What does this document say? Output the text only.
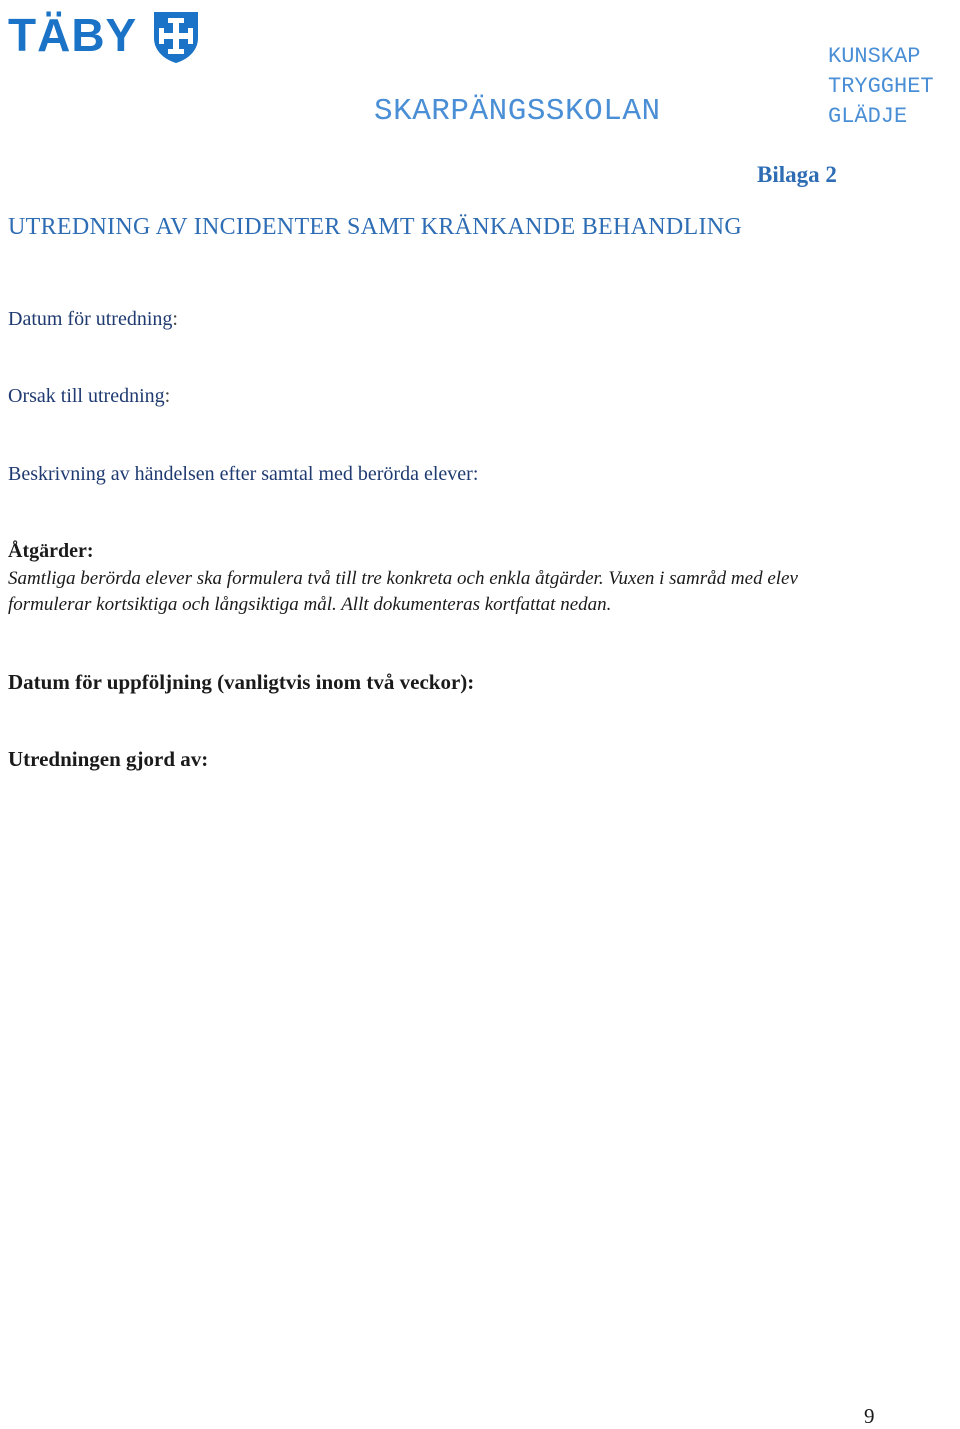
TÄBY
SKARPÄNGSSKOLAN
KUNSKAP
TRYGGHET
GLÄDJE
Bilaga 2
UTREDNING AV INCIDENTER SAMT KRÄNKANDE BEHANDLING
Datum för utredning:
Orsak till utredning:
Beskrivning av händelsen efter samtal med berörda elever:
Åtgärder:
Samtliga berörda elever ska formulera två till tre konkreta och enkla åtgärder. Vuxen i samråd med elev formulerar kortsiktiga och långsiktiga mål. Allt dokumenteras kortfattat nedan.
Datum för uppföljning (vanligtvis inom två veckor):
Utredningen gjord av:
9
